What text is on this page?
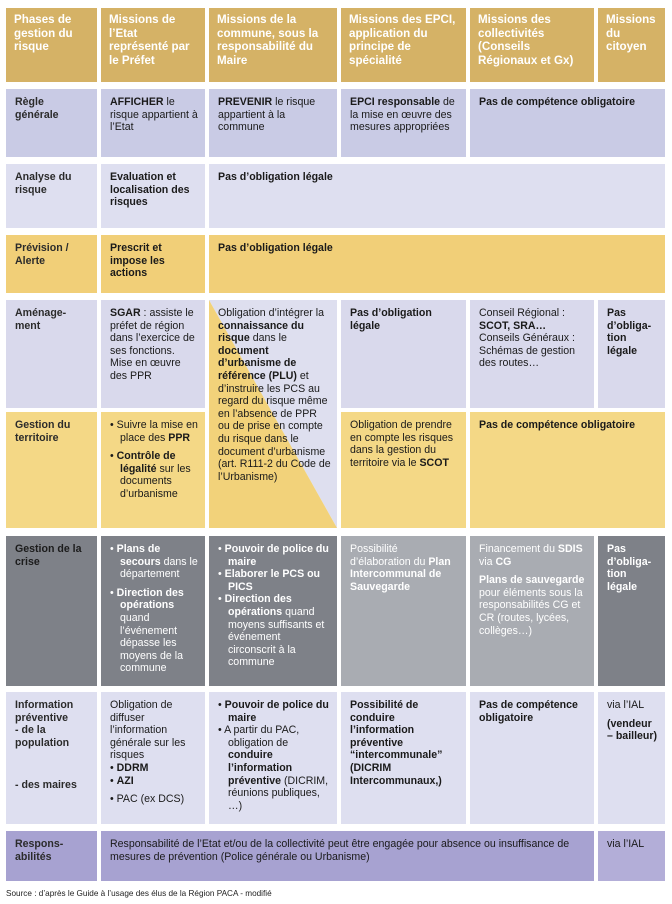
Phases de gestion du risque
Missions de l’Etat représenté par le Préfet
Missions de la commune, sous la responsabilité du Maire
Missions des EPCI, application du principe de spécialité
Missions des collectivités (Conseils Régionaux et Gx)
Missions du citoyen
Règle générale
AFFICHER le risque appartient à l’Etat
PREVENIR le risque appartient à la commune
EPCI responsable de la mise en œuvre des mesures appropriées
Pas de compétence obligatoire
Analyse du risque
Evaluation et localisation des risques
Pas d’obligation légale
Prévision / Alerte
Prescrit et impose les actions
Pas d’obligation légale
Aménage-ment
SGAR : assiste le préfet de région dans l’exercice de ses fonctions.
Mise en œuvre des PPR
Pas d’obligation légale
Conseil Régional :
SCOT, SRA…
Conseils Généraux :
Schémas de gestion des routes…
Pas d’obliga-tion légale
Gestion du territoire
• Suivre la mise en place des PPR
• Contrôle de légalité sur les documents d’urbanisme
Obligation de prendre en compte les risques dans la gestion du territoire via le SCOT
Pas de compétence obligatoire
Obligation d’intégrer la connaissance du risque dans le document d’urbanisme de référence (PLU) et d’instruire les PCS au regard du risque même en l’absence de PPR ou de prise en compte du risque dans le document d’urbanisme (art. R111-2 du Code de l’Urbanisme)
Gestion de la crise
• Plans de secours dans le département
• Direction des opérations quand l’événement dépasse les moyens de la commune
• Pouvoir de police du maire
• Elaborer le PCS ou PICS
• Direction des opérations quand moyens suffisants et événement circonscrit à la commune
Possibilité d’élaboration du Plan Intercommunal de Sauvegarde
Financement du SDIS via CG
Plans de sauvegarde pour éléments sous la responsabilités CG et CR (routes, lycées, collèges…)
Pas d’obliga-tion légale
Information préventive
- de la population
- des maires
Obligation de diffuser l’information générale sur les risques
• DDRM
• AZI
• PAC (ex DCS)
• Pouvoir de police du maire
• A partir du PAC, obligation de conduire l’information préventive (DICRIM, réunions publiques, …)
Possibilité de conduire l’information préventive “intercommunale” (DICRIM Intercommunaux,)
Pas de compétence obligatoire
via l’IAL
(vendeur – bailleur)
Respons-abilités
Responsabilité de l’Etat et/ou de la collectivité peut être engagée pour absence ou insuffisance de mesures de prévention (Police générale ou Urbanisme)
via l’IAL
Source : d’après le Guide à l’usage des élus de la Région PACA - modifié
